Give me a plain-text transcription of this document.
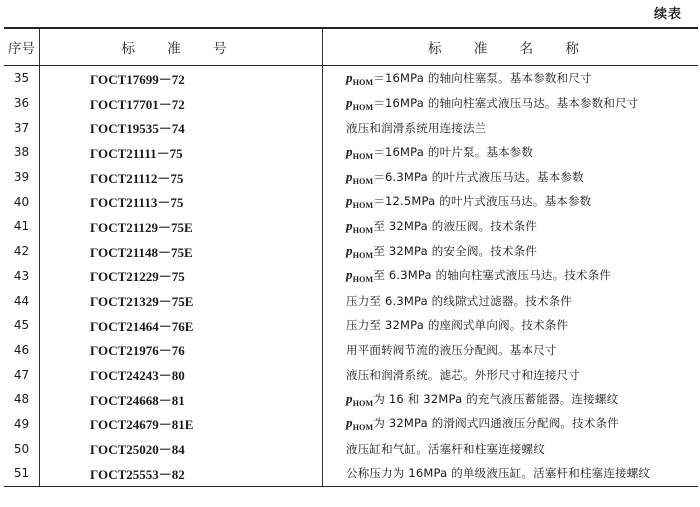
续表
序号	标 准 号	标 准 名 称
35	ГОСТ17699－72	$p_{НОМ}=16MPa$ 的轴向柱塞泵。基本参数和尺寸
36	ГОСТ17701－72	$p_{НОМ}=16MPa$ 的轴向柱塞式液压马达。基本参数和尺寸
37	ГОСТ19535－74	液压和润滑系统用连接法兰
38	ГОСТ21111－75	$p_{НОМ}=16MPa$ 的叶片泵。基本参数
39	ГОСТ21112－75	$p_{НОМ}=6.3MPa$ 的叶片式液压马达。基本参数
40	ГОСТ21113－75	$p_{НОМ}=12.5MPa$ 的叶片式液压马达。基本参数
41	ГОСТ21129－75Е	$p_{НОМ}$至 32MPa 的液压阀。技术条件
42	ГОСТ21148－75Е	$p_{НОМ}$至 32MPa 的安全阀。技术条件
43	ГОСТ21229－75	$p_{НОМ}$至 6.3MPa 的轴向柱塞式液压马达。技术条件
44	ГОСТ21329－75Е	压力至 6.3MPa 的线隙式过滤器。技术条件
45	ГОСТ21464－76Е	压力至 32MPa 的座阀式单向阀。技术条件
46	ГОСТ21976－76	用平面转阀节流的液压分配阀。基本尺寸
47	ГОСТ24243－80	液压和润滑系统。滤芯。外形尺寸和连接尺寸
48	ГОСТ24668－81	$p_{НОМ}$为 16 和 32MPa 的充气液压蓄能器。连接螺纹
49	ГОСТ24679－81Е	$p_{НОМ}$为 32MPa 的滑阀式四通液压分配阀。技术条件
50	ГОСТ25020－84	液压缸和气缸。活塞杆和柱塞连接螺纹
51	ГОСТ25553－82	公称压力为 16MPa 的单级液压缸。活塞杆和柱塞连接螺纹
